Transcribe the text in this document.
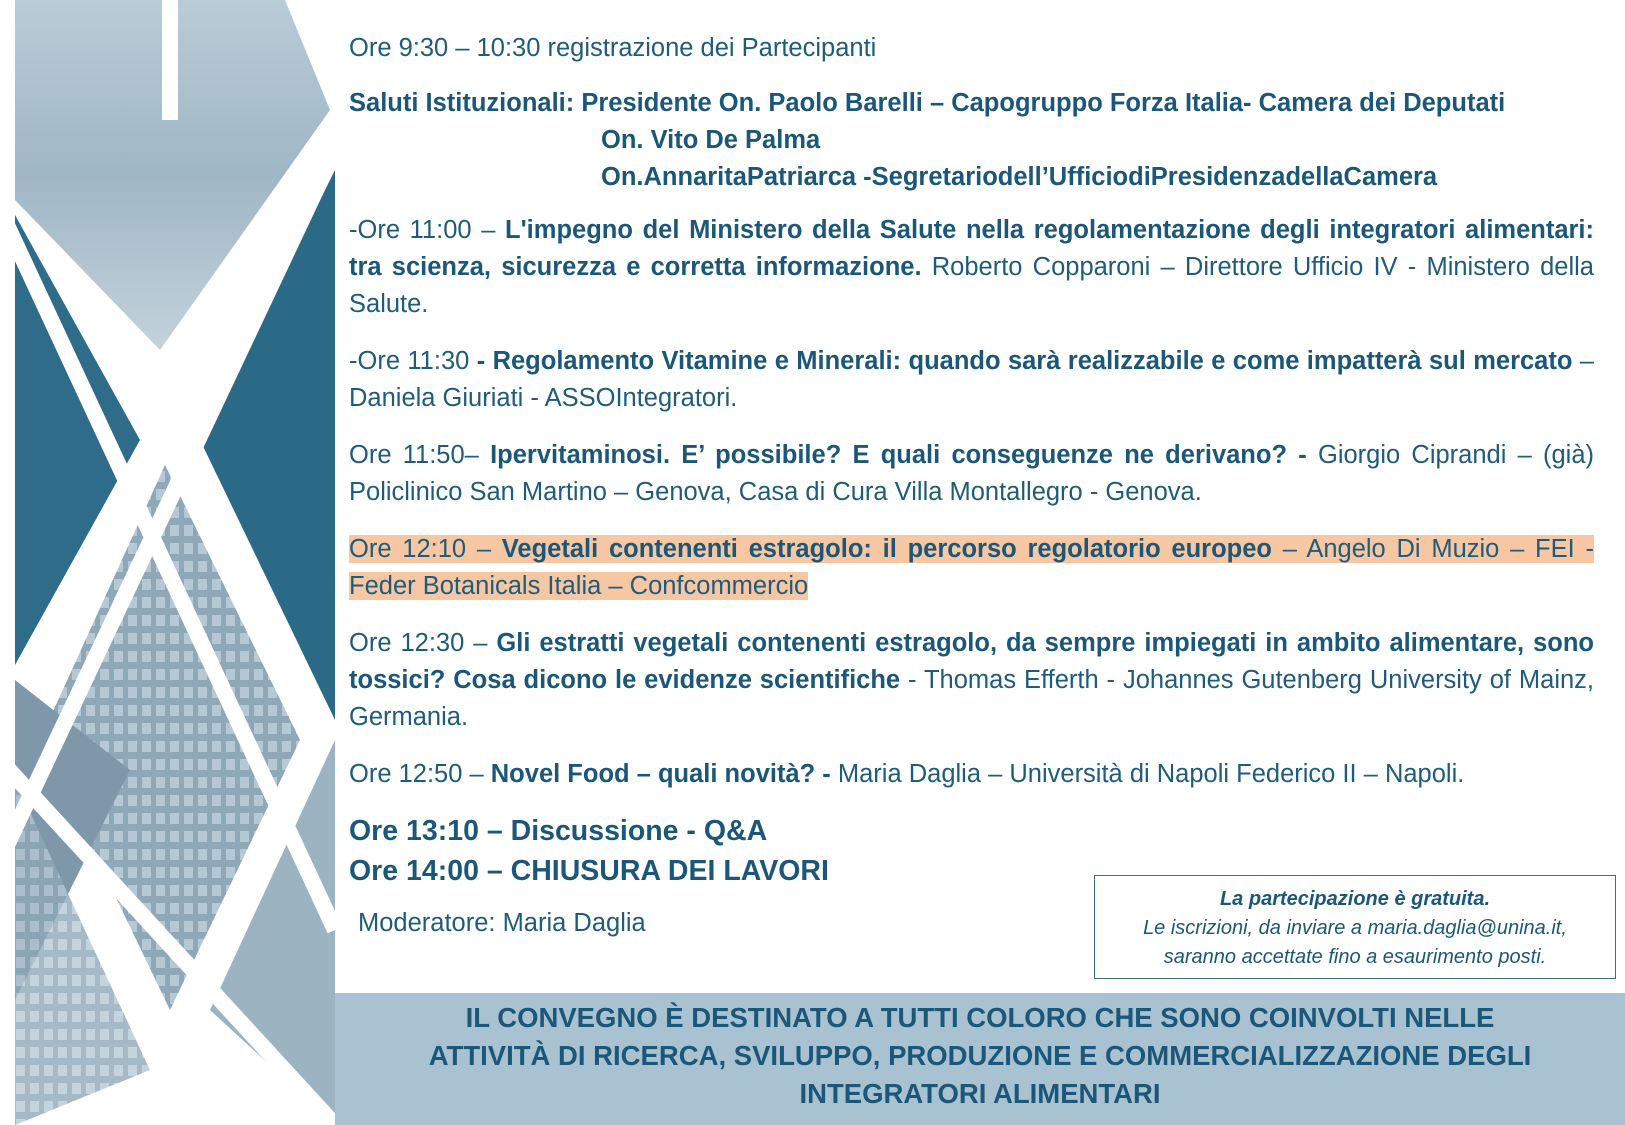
Ore 9:30 – 10:30 registrazione dei Partecipanti

Saluti Istituzionali: Presidente On. Paolo Barelli – Capogruppo Forza Italia- Camera dei Deputati
On. Vito De Palma
On.AnnaritaPatriarca -Segretariodell’UfficiodiPresidenzadellaCamera

-Ore 11:00 – L'impegno del Ministero della Salute nella regolamentazione degli integratori alimentari: tra scienza, sicurezza e corretta informazione. Roberto Copparoni – Direttore Ufficio IV - Ministero della Salute.

-Ore 11:30 - Regolamento Vitamine e Minerali: quando sarà realizzabile e come impatterà sul mercato – Daniela Giuriati - ASSOIntegratori.

Ore 11:50– Ipervitaminosi. E’ possibile? E quali conseguenze ne derivano? - Giorgio Ciprandi – (già) Policlinico San Martino – Genova, Casa di Cura Villa Montallegro - Genova.

Ore 12:10 – Vegetali contenenti estragolo: il percorso regolatorio europeo – Angelo Di Muzio – FEI - Feder Botanicals Italia – Confcommercio

Ore 12:30 – Gli estratti vegetali contenenti estragolo, da sempre impiegati in ambito alimentare, sono tossici? Cosa dicono le evidenze scientifiche - Thomas Efferth - Johannes Gutenberg University of Mainz, Germania.

Ore 12:50 – Novel Food – quali novità? - Maria Daglia – Università di Napoli Federico II – Napoli.

Ore 13:10 – Discussione - Q&A
Ore 14:00 – CHIUSURA DEI LAVORI
Moderatore: Maria Daglia
La partecipazione è gratuita.
Le iscrizioni, da inviare a maria.daglia@unina.it,
saranno accettate fino a esaurimento posti.
IL CONVEGNO È DESTINATO A TUTTI COLORO CHE SONO COINVOLTI NELLE
ATTIVITÀ DI RICERCA, SVILUPPO, PRODUZIONE E COMMERCIALIZZAZIONE DEGLI
INTEGRATORI ALIMENTARI
